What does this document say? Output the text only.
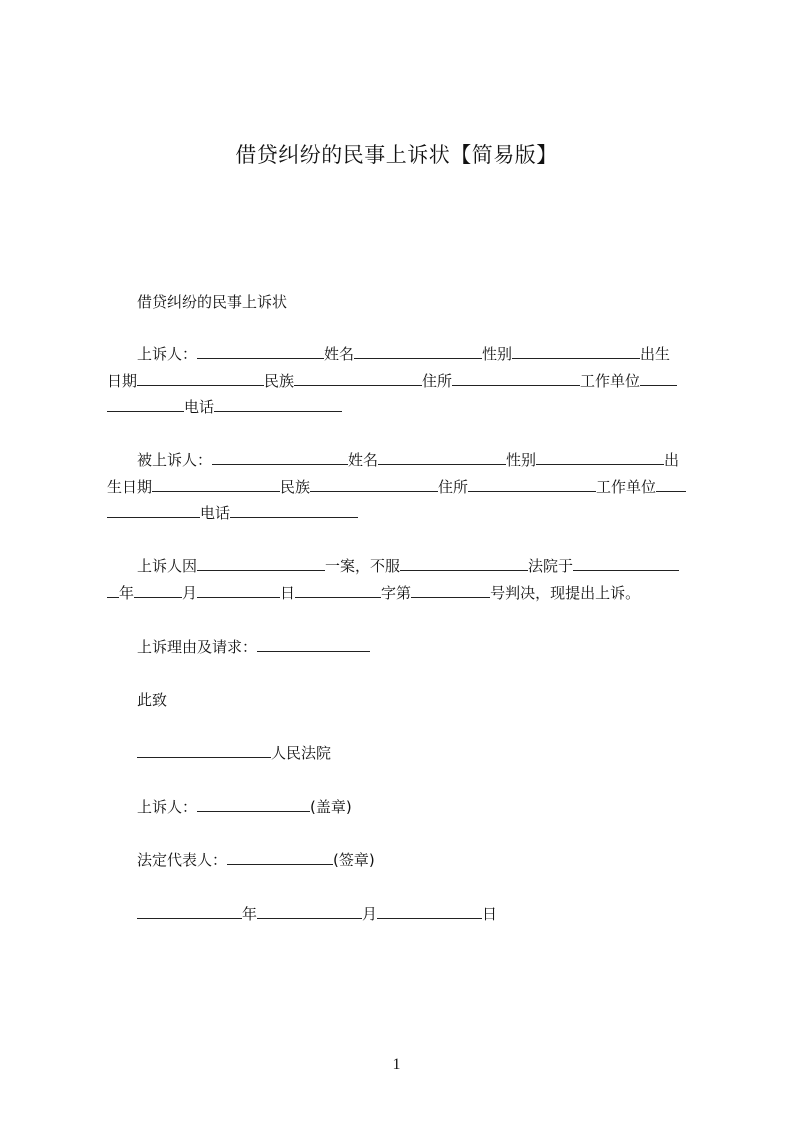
借贷纠纷的民事上诉状【简易版】
借贷纠纷的民事上诉状
上诉人：	姓名	性别	出生
日期	民族	住所	工作单位
电话
被上诉人：	姓名	性别	出
生日期	民族	住所	工作单位
电话
上诉人因	一案，不服	法院于
年	月	日	字第	号判决，现提出上诉。
上诉理由及请求：
此致
人民法院
上诉人：	(盖章)
法定代表人：	(签章)
年	月	日
1
